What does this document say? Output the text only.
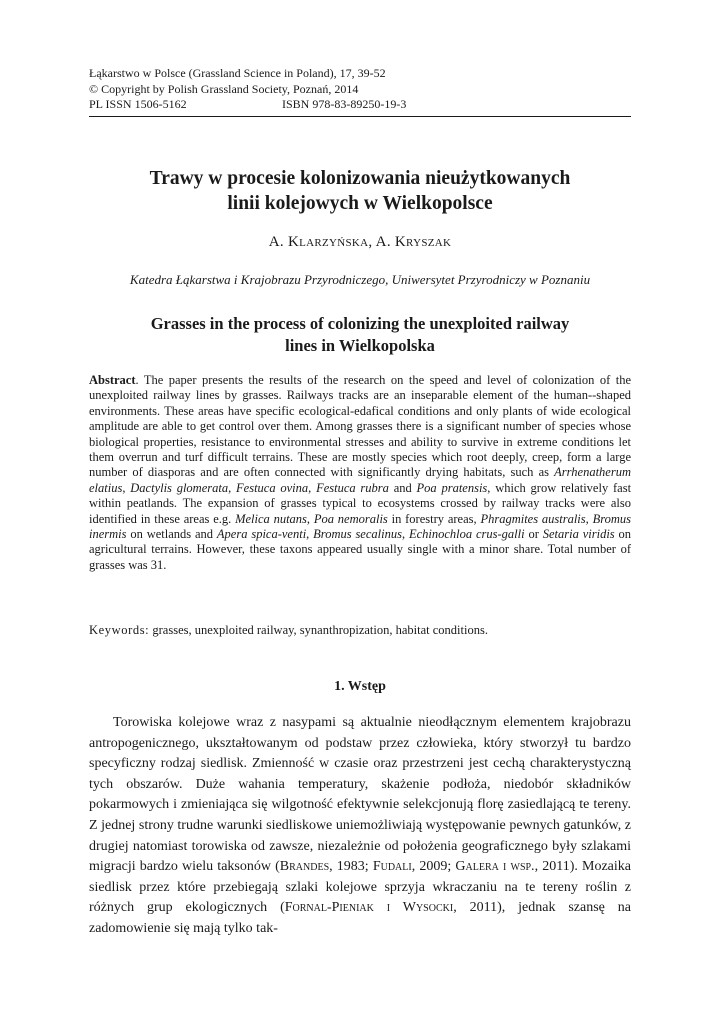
Łąkarstwo w Polsce (Grassland Science in Poland), 17, 39-52
© Copyright by Polish Grassland Society, Poznań, 2014
PL ISSN 1506-5162	ISBN 978-83-89250-19-3
Trawy w procesie kolonizowania nieużytkowanych
linii kolejowych w Wielkopolsce
A. Klarzyńska, A. Kryszak
Katedra Łąkarstwa i Krajobrazu Przyrodniczego, Uniwersytet Przyrodniczy w Poznaniu
Grasses in the process of colonizing the unexploited railway
lines in Wielkopolska
Abstract. The paper presents the results of the research on the speed and level of colonization of the unexploited railway lines by grasses. Railways tracks are an inseparable element of the human--shaped environments. These areas have specific ecological-edafical conditions and only plants of wide ecological amplitude are able to get control over them. Among grasses there is a significant number of species whose biological properties, resistance to environmental stresses and ability to survive in extreme conditions let them overrun and turf difficult terrains. These are mostly species which root deeply, creep, form a large number of diasporas and are often connected with significantly drying habitats, such as Arrhenatherum elatius, Dactylis glomerata, Festuca ovina, Festuca rubra and Poa pratensis, which grow relatively fast within peatlands. The expansion of grasses typical to ecosystems crossed by railway tracks were also identified in these areas e.g. Melica nutans, Poa nemoralis in forestry areas, Phragmites australis, Bromus inermis on wetlands and Apera spica-venti, Bromus secalinus, Echinochloa crus-galli or Setaria viridis on agricultural terrains. However, these taxons appeared usually single with a minor share. Total number of grasses was 31.
Keywords: grasses, unexploited railway, synanthropization, habitat conditions.
1. Wstęp
Torowiska kolejowe wraz z nasypami są aktualnie nieodłącznym elementem krajobrazu antropogenicznego, ukształtowanym od podstaw przez człowieka, który stworzył tu bardzo specyficzny rodzaj siedlisk. Zmienność w czasie oraz przestrzeni jest cechą charakterystyczną tych obszarów. Duże wahania temperatury, skażenie podłoża, niedobór składników pokarmowych i zmieniająca się wilgotność efektywnie selekcjonują florę zasiedlającą te tereny. Z jednej strony trudne warunki siedliskowe uniemożliwiają występowanie pewnych gatunków, z drugiej natomiast torowiska od zawsze, niezależnie od położenia geograficznego były szlakami migracji bardzo wielu taksonów (Brandes, 1983; Fudali, 2009; Galera i wsp., 2011). Mozaika siedlisk przez które przebiegają szlaki kolejowe sprzyja wkraczaniu na te tereny roślin z różnych grup ekologicznych (Fornal-Pieniak i Wysocki, 2011), jednak szansę na zadomowienie się mają tylko tak-
